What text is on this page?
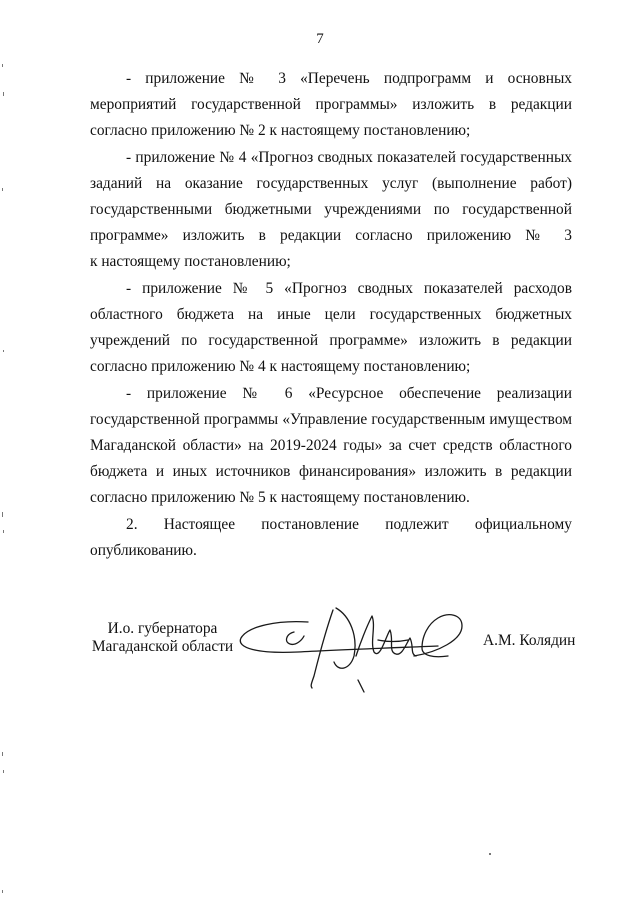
7
- приложение № 3 «Перечень подпрограмм и основных
мероприятий государственной программы» изложить в редакции
согласно приложению № 2 к настоящему постановлению;
- приложение № 4 «Прогноз сводных показателей государственных
заданий на оказание государственных услуг (выполнение работ)
государственными бюджетными учреждениями по государственной
программе» изложить в редакции согласно приложению № 3
к настоящему постановлению;
- приложение № 5 «Прогноз сводных показателей расходов
областного бюджета на иные цели государственных бюджетных
учреждений по государственной программе» изложить в редакции
согласно приложению № 4 к настоящему постановлению;
- приложение № 6 «Ресурсное обеспечение реализации
государственной программы «Управление государственным имуществом
Магаданской области» на 2019-2024 годы» за счет средств областного
бюджета и иных источников финансирования» изложить в редакции
согласно приложению № 5 к настоящему постановлению.
2. Настоящее постановление подлежит официальному
опубликованию.
И.о. губернатора
Магаданской области	А.М. Колядин
